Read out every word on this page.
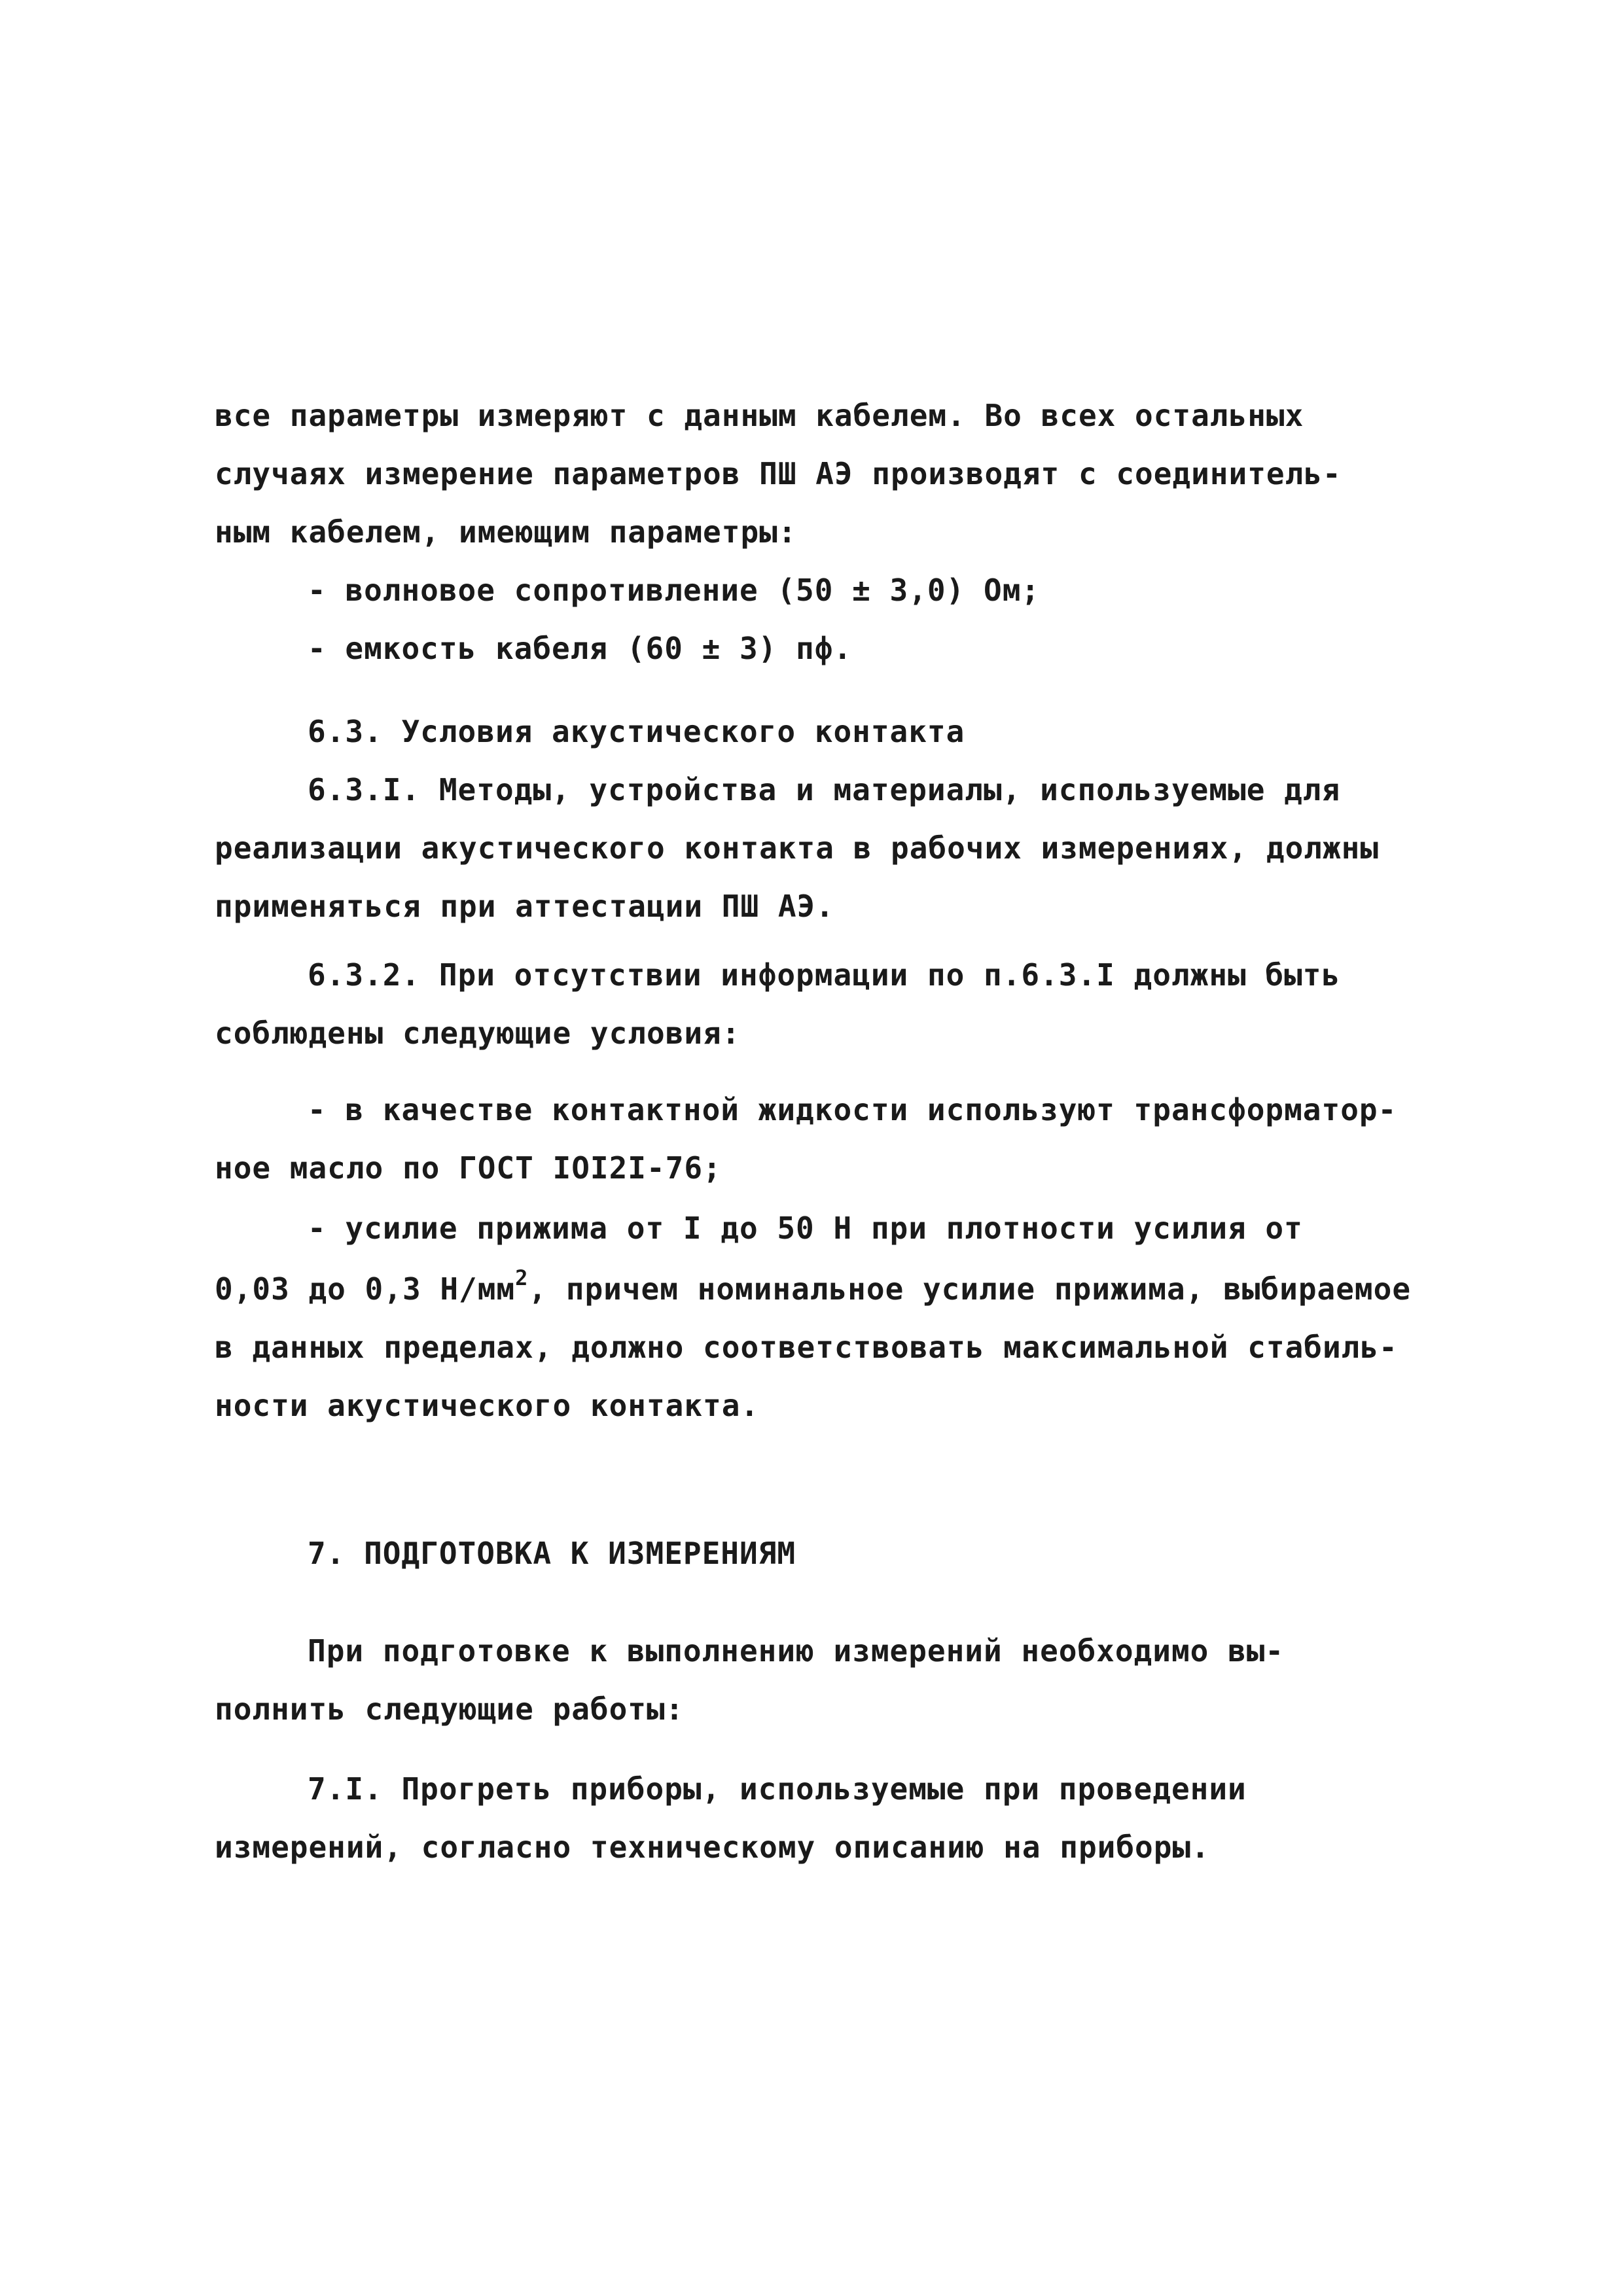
все параметры измеряют с данным кабелем. Во всех остальных
случаях измерение параметров ПШ АЭ производят с соединитель-
ным кабелем, имеющим параметры:
- волновое сопротивление (50 ± 3,0) Ом;
- емкость кабеля (60 ± 3) пф.
6.3. Условия акустического контакта
6.3.I. Методы, устройства и материалы, используемые для
реализации акустического контакта в рабочих измерениях, должны
применяться при аттестации ПШ АЭ.
6.3.2. При отсутствии информации по п.6.3.I должны быть
соблюдены следующие условия:
- в качестве контактной жидкости используют трансформатор-
ное масло по ГОСТ IOI2I-76;
- усилие прижима от I до 50 Н при плотности усилия от
0,03 до 0,3 $Н/мм^2$, причем номинальное усилие прижима, выбираемое
в данных пределах, должно соответствовать максимальной стабиль-
ности акустического контакта.
7. ПОДГОТОВКА К ИЗМЕРЕНИЯМ
При подготовке к выполнению измерений необходимо вы-
полнить следующие работы:
7.I. Прогреть приборы, используемые при проведении
измерений, согласно техническому описанию на приборы.
